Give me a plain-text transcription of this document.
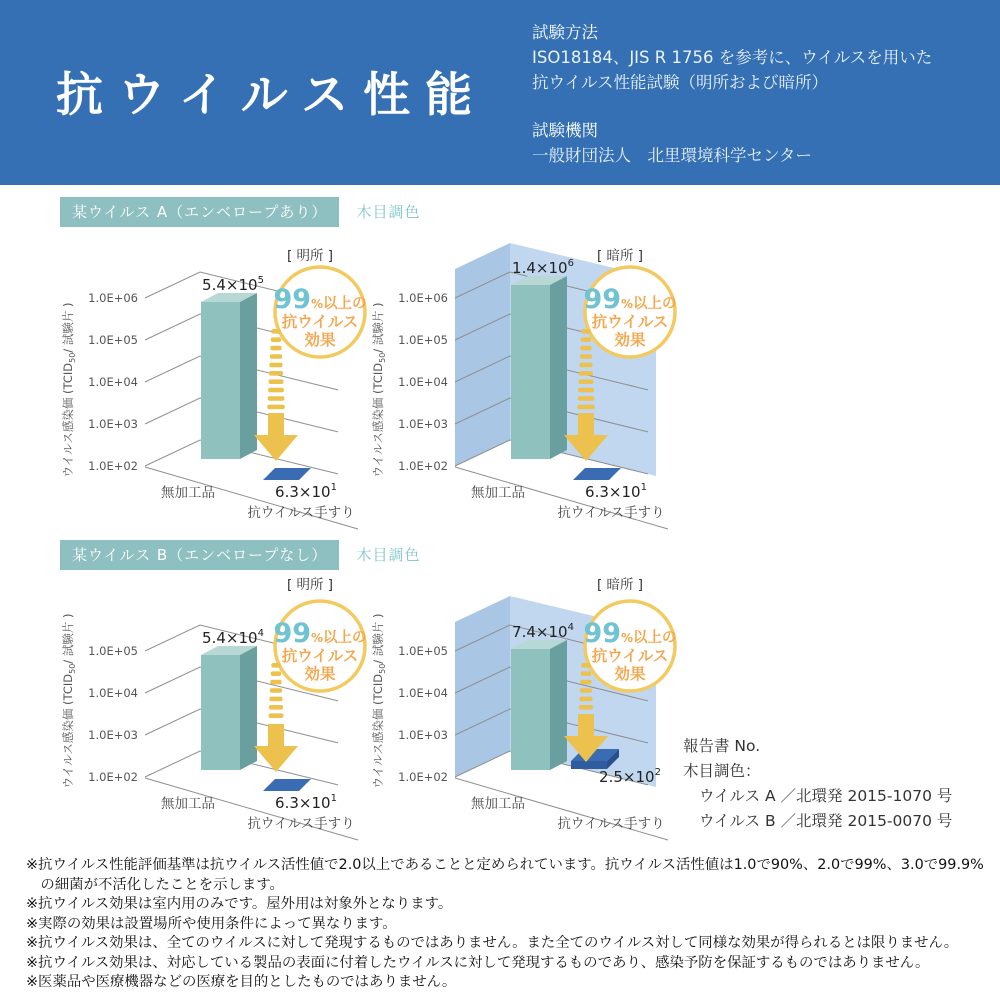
抗ウイルス性能
試験方法
ISO18184、JIS R 1756 を参考に、ウイルスを用いた
抗ウイルス性能試験（明所および暗所）
試験機関
一般財団法人　北里環境科学センター
某ウイルス A（エンベロープあり） 木目調色
某ウイルス B（エンベロープなし） 木目調色
1.0E+06
1.0E+05
1.0E+04
1.0E+03
1.0E+02
ウイルス感染価 ($TCID_{50}/$ 試験片 )
$5.4\times 10^5$
99%以上の
抗ウイルス
効果
$6.3\times 10^1$
無加工品
抗ウイルス手すり
[ 明所 ]
1.0E+06
1.0E+05
1.0E+04
1.0E+03
1.0E+02
ウイルス感染価 ($TCID_{50}/$ 試験片 )
$1.4\times 10^6$
99%以上の
抗ウイルス
効果
$6.3\times 10^1$
無加工品
抗ウイルス手すり
[ 暗所 ]
1.0E+05
1.0E+04
1.0E+03
1.0E+02
ウイルス感染価 ($TCID_{50}/$ 試験片 )	$5.4\times 10^4$ 99%以上の
抗ウイルス
効果
$6.3\times 10^1$
無加工品
抗ウイルス手すり
[ 明所 ]
1.0E+05
1.0E+04
1.0E+03
1.0E+02
ウイルス感染価 ($TCID_{50}/$ 試験片 )	$7.4\times 10^4$ 99%以上の
抗ウイルス
効果
$2.5\times 10^2$
無加工品
抗ウイルス手すり
[ 暗所 ]
報告書 No.
木目調色：
ウイルス A ／北環発 2015-1070 号
ウイルス B ／北環発 2015-0070 号
※抗ウイルス性能評価基準は抗ウイルス活性値で2.0以上であることと定められています。抗ウイルス活性値は1.0で90%、2.0で99%、3.0で99.9%の細菌が不活化したことを示します。
※抗ウイルス効果は室内用のみです。屋外用は対象外となります。
※実際の効果は設置場所や使用条件によって異なります。
※抗ウイルス効果は、全てのウイルスに対して発現するものではありません。また全てのウイルス対して同様な効果が得られるとは限りません。
※抗ウイルス効果は、対応している製品の表面に付着したウイルスに対して発現するものであり、感染予防を保証するものではありません。
※医薬品や医療機器などの医療を目的としたものではありません。
